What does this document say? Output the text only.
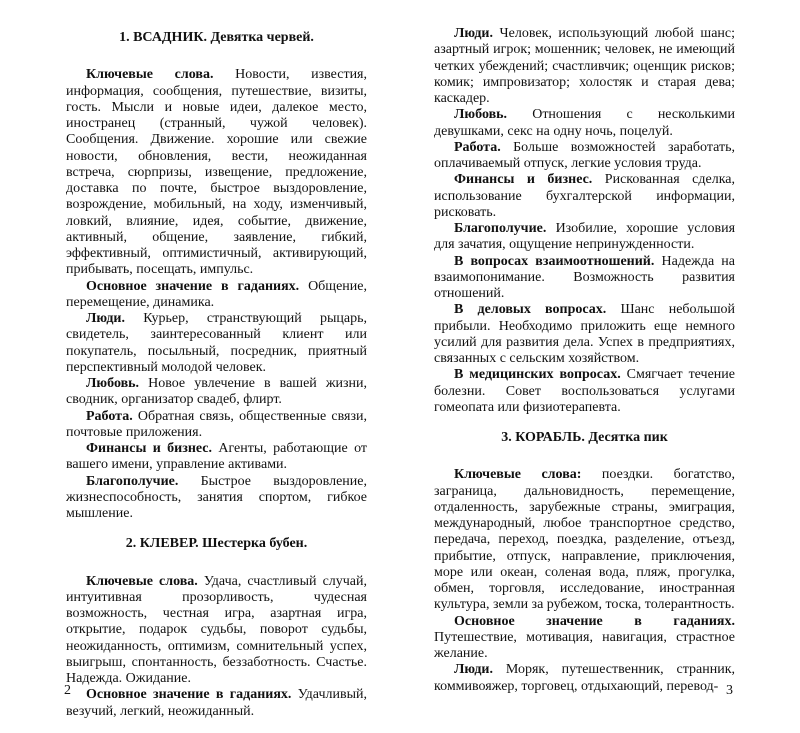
1. ВСАДНИК. Девятка червей.

Ключевые слова. Новости, известия, информация, сообщения, путешествие, визиты, гость. Мысли и новые идеи, далекое место, иностранец (странный, чужой человек). Сообщения. Движение. хорошие или свежие новости, обновления, вести, неожиданная встреча, сюрпризы, извещение, предложение, доставка по почте, быстрое выздоровление, возрождение, мобильный, на ходу, изменчивый, ловкий, влияние, идея, событие, движение, активный, общение, заявление, гибкий, эффективный, оптимистичный, активирующий, прибывать, посещать, импульс.

Основное значение в гаданиях. Общение, перемещение, динамика.

Люди. Курьер, странствующий рыцарь, свидетель, заинтересованный клиент или покупатель, посыльный, посредник, приятный перспективный молодой человек.

Любовь. Новое увлечение в вашей жизни, сводник, организатор свадеб, флирт.

Работа. Обратная связь, общественные связи, почтовые приложения.

Финансы и бизнес. Агенты, работающие от вашего имени, управление активами.

Благополучие. Быстрое выздоровление, жизнеспособность, занятия спортом, гибкое мышление.

2. КЛЕВЕР. Шестерка бубен.

Ключевые слова. Удача, счастливый случай, интуитивная прозорливость, чудесная возможность, честная игра, азартная игра, открытие, подарок судьбы, поворот судьбы, неожиданность, оптимизм, сомнительный успех, выигрыш, спонтанность, беззаботность. Счастье. Надежда. Ожидание.

Основное значение в гаданиях. Удачливый, везучий, легкий, неожиданный.

2

Люди. Человек, использующий любой шанс; азартный игрок; мошенник; человек, не имеющий четких убеждений; счастливчик; оценщик рисков; комик; импровизатор; холостяк и старая дева; каскадер.

Любовь. Отношения с несколькими девушками, секс на одну ночь, поцелуй.

Работа. Больше возможностей заработать, оплачиваемый отпуск, легкие условия труда.

Финансы и бизнес. Рискованная сделка, использование бухгалтерской информации, рисковать.

Благополучие. Изобилие, хорошие условия для зачатия, ощущение непринужденности.

В вопросах взаимоотношений. Надежда на взаимопонимание. Возможность развития отношений.

В деловых вопросах. Шанс небольшой прибыли. Необходимо приложить еще немного усилий для развития дела. Успех в предприятиях, связанных с сельским хозяйством.

В медицинских вопросах. Смягчает течение болезни. Совет воспользоваться услугами гомеопата или физиотерапевта.

3. КОРАБЛЬ. Десятка пик

Ключевые слова: поездки. богатство, заграница, дальновидность, перемещение, отдаленность, зарубежные страны, эмиграция, международный, любое транспортное средство, передача, переход, поездка, разделение, отъезд, прибытие, отпуск, направление, приключения, море или океан, соленая вода, пляж, прогулка, обмен, торговля, исследование, иностранная культура, земли за рубежом, тоска, толерантность.

Основное значение в гаданиях. Путешествие, мотивация, навигация, страстное желание.

Люди. Моряк, путешественник, странник, коммивояжер, торговец, отдыхающий, перевод- 3
